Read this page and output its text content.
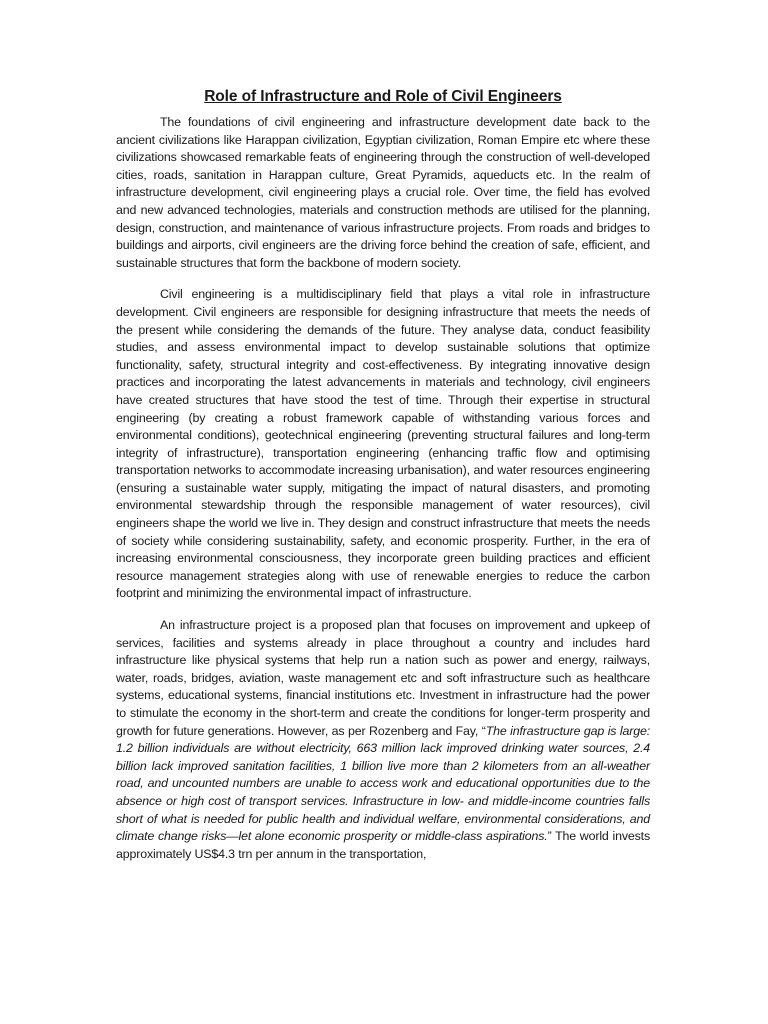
Role of Infrastructure and Role of Civil Engineers

The foundations of civil engineering and infrastructure development date back to the ancient civilizations like Harappan civilization, Egyptian civilization, Roman Empire etc where these civilizations showcased remarkable feats of engineering through the construction of well-developed cities, roads, sanitation in Harappan culture, Great Pyramids, aqueducts etc. In the realm of infrastructure development, civil engineering plays a crucial role. Over time, the field has evolved and new advanced technologies, materials and construction methods are utilised for the planning, design, construction, and maintenance of various infrastructure projects. From roads and bridges to buildings and airports, civil engineers are the driving force behind the creation of safe, efficient, and sustainable structures that form the backbone of modern society.

Civil engineering is a multidisciplinary field that plays a vital role in infrastructure development. Civil engineers are responsible for designing infrastructure that meets the needs of the present while considering the demands of the future. They analyse data, conduct feasibility studies, and assess environmental impact to develop sustainable solutions that optimize functionality, safety, structural integrity and cost-effectiveness. By integrating innovative design practices and incorporating the latest advancements in materials and technology, civil engineers have created structures that have stood the test of time. Through their expertise in structural engineering (by creating a robust framework capable of withstanding various forces and environmental conditions), geotechnical engineering (preventing structural failures and long-term integrity of infrastructure), transportation engineering (enhancing traffic flow and optimising transportation networks to accommodate increasing urbanisation), and water resources engineering (ensuring a sustainable water supply, mitigating the impact of natural disasters, and promoting environmental stewardship through the responsible management of water resources), civil engineers shape the world we live in. They design and construct infrastructure that meets the needs of society while considering sustainability, safety, and economic prosperity. Further, in the era of increasing environmental consciousness, they incorporate green building practices and efficient resource management strategies along with use of renewable energies to reduce the carbon footprint and minimizing the environmental impact of infrastructure.

An infrastructure project is a proposed plan that focuses on improvement and upkeep of services, facilities and systems already in place throughout a country and includes hard infrastructure like physical systems that help run a nation such as power and energy, railways, water, roads, bridges, aviation, waste management etc and soft infrastructure such as healthcare systems, educational systems, financial institutions etc. Investment in infrastructure had the power to stimulate the economy in the short-term and create the conditions for longer-term prosperity and growth for future generations. However, as per Rozenberg and Fay, “The infrastructure gap is large: 1.2 billion individuals are without electricity, 663 million lack improved drinking water sources, 2.4 billion lack improved sanitation facilities, 1 billion live more than 2 kilometers from an all-weather road, and uncounted numbers are unable to access work and educational opportunities due to the absence or high cost of transport services. Infrastructure in low- and middle-income countries falls short of what is needed for public health and individual welfare, environmental considerations, and climate change risks—let alone economic prosperity or middle-class aspirations.” The world invests approximately US$4.3 trn per annum in the transportation,
